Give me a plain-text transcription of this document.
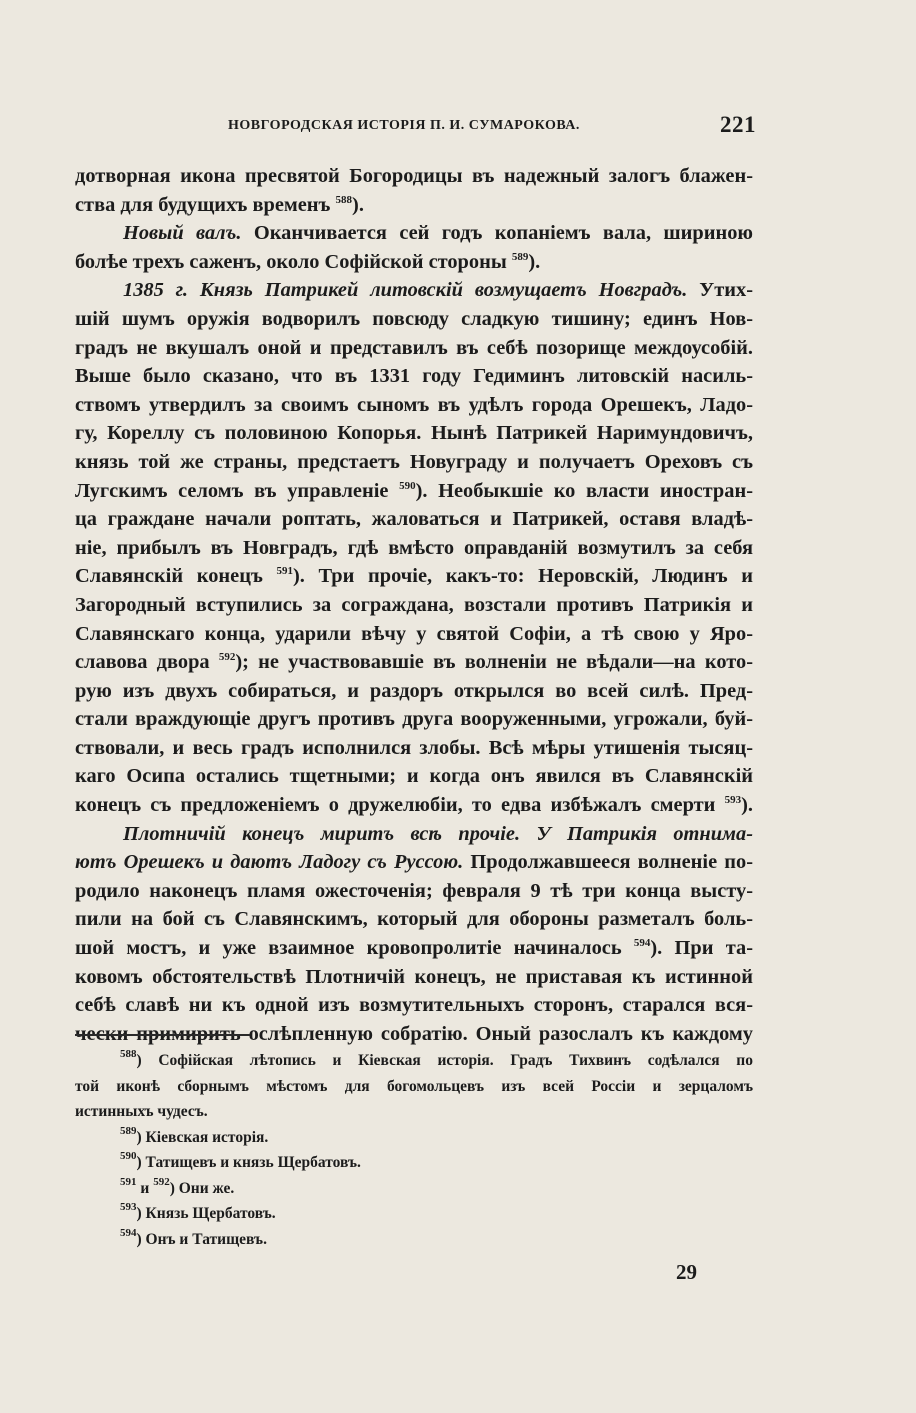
НОВГОРОДСКАЯ ИСТОРІЯ П. И. СУМАРОКОВА.	221
дотворная икона пресвятой Богородицы въ надежный залогъ блажен-
ства для будущихъ временъ $^{588}$).
Новый валъ. Оканчивается сей годъ копаніемъ вала, шириною
болѣе трехъ саженъ, около Софійской стороны $^{589}$).
1385 г. Князь Патрикей литовскій возмущаетъ Новградъ. Утих-
шій шумъ оружія водворилъ повсюду сладкую тишину; единъ Нов-
градъ не вкушалъ оной и представилъ въ себѣ позорище междоусобій.
Выше было сказано, что въ 1331 году Гедиминъ литовскій насиль-
ствомъ утвердилъ за своимъ сыномъ въ удѣлъ города Орешекъ, Ладо-
гу, Кореллу съ половиною Копорья. Нынѣ Патрикей Наримундовичъ,
князь той же страны, предстаетъ Новуграду и получаетъ Ореховъ съ
Лугскимъ селомъ въ управленіе $^{590}$). Необыкшіе ко власти иностран-
ца граждане начали роптать, жаловаться и Патрикей, оставя владѣ-
ніе, прибылъ въ Новградъ, гдѣ вмѣсто оправданій возмутилъ за себя
Славянскій конецъ $^{591}$). Три прочіе, какъ-то: Неровскій, Людинъ и
Загородный вступились за сограждана, возстали противъ Патрикія и
Славянскаго конца, ударили вѣчу у святой Софіи, а тѣ свою у Яро-
славова двора $^{592}$); не участвовавшіе въ волненіи не вѣдали—на кото-
рую изъ двухъ собираться, и раздоръ открылся во всей силѣ. Пред-
стали враждующіе другъ противъ друга вооруженными, угрожали, буй-
ствовали, и весь градъ исполнился злобы. Всѣ мѣры утишенія тысяц-
каго Осипа остались тщетными; и когда онъ явился въ Славянскій
конецъ съ предложеніемъ о дружелюбіи, то едва избѣжалъ смерти $^{593}$).
Плотничій конецъ миритъ всѣ прочіе. У Патрикія отнима-
ютъ Орешекъ и даютъ Ладогу съ Руссою. Продолжавшееся волненіе по-
родило наконецъ пламя ожесточенія; февраля 9 тѣ три конца высту-
пили на бой съ Славянскимъ, который для обороны разметалъ боль-
шой мостъ, и уже взаимное кровопролитіе начиналось $^{594}$). При та-
ковомъ обстоятельствѣ Плотничій конецъ, не приставая къ истинной
себѣ славѣ ни къ одной изъ возмутительныхъ сторонъ, старался вся-
чески примирить ослѣпленную собратію. Оный разослалъ къ каждому
$^{588}$) Софійская лѣтопись и Кіевская исторія. Градъ Тихвинъ содѣлался по
той иконѣ сборнымъ мѣстомъ для богомольцевъ изъ всей Россіи и зерцаломъ
истинныхъ чудесъ.
$^{589}$) Кіевская исторія.
$^{590}$) Татищевъ и князь Щербатовъ.
$^{591}$ и $^{592}$) Они же.
$^{593}$) Князь Щербатовъ.
$^{594}$) Онъ и Татищевъ.
29
